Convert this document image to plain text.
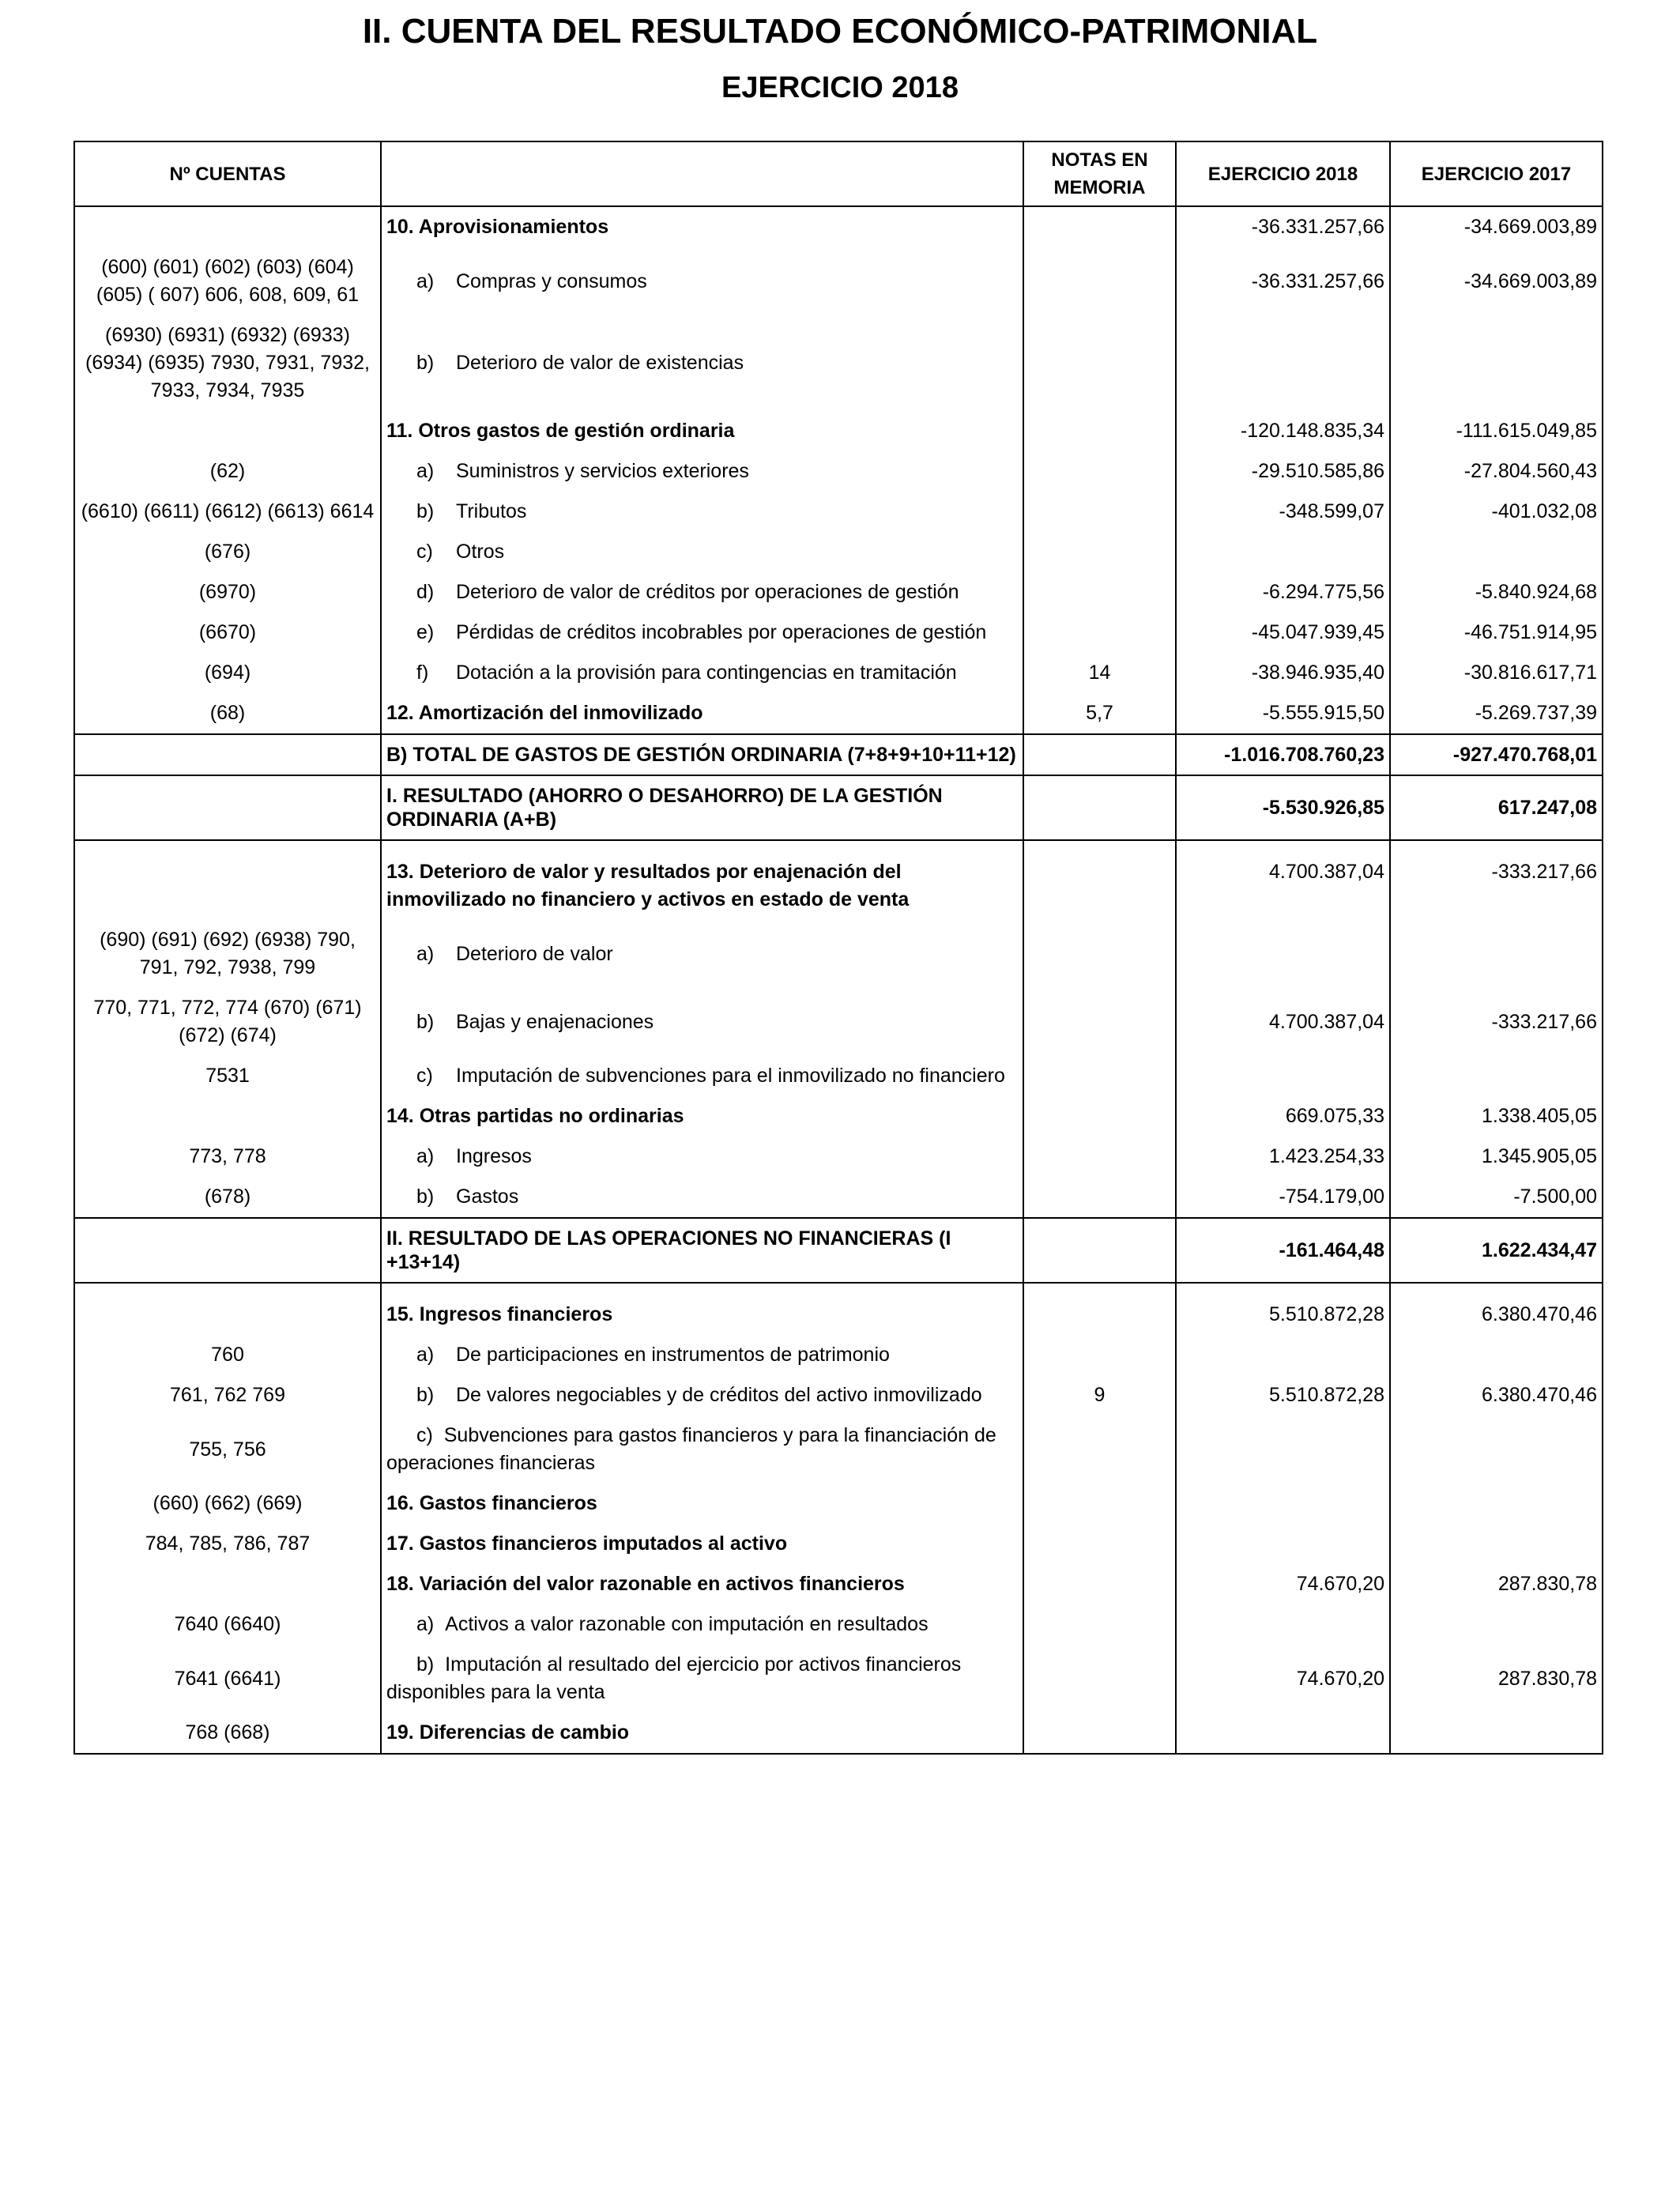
II. CUENTA DEL RESULTADO ECONÓMICO-PATRIMONIAL
EJERCICIO 2018
Nº CUENTAS		NOTAS EN MEMORIA	EJERCICIO 2018	EJERCICIO 2017
	10. Aprovisionamientos		-36.331.257,66	-34.669.003,89
(600) (601) (602) (603) (604) (605) ( 607) 606, 608, 609, 61	a) Compras y consumos		-36.331.257,66	-34.669.003,89
(6930) (6931) (6932) (6933) (6934) (6935) 7930, 7931, 7932, 7933, 7934, 7935	b) Deterioro de valor de existencias			
	11. Otros gastos de gestión ordinaria		-120.148.835,34	-111.615.049,85
(62)	a) Suministros y servicios exteriores		-29.510.585,86	-27.804.560,43
(6610) (6611) (6612) (6613) 6614	b) Tributos		-348.599,07	-401.032,08
(676)	c) Otros			
(6970)	d) Deterioro de valor de créditos por operaciones de gestión		-6.294.775,56	-5.840.924,68
(6670)	e) Pérdidas de créditos incobrables por operaciones de gestión		-45.047.939,45	-46.751.914,95
(694)	f) Dotación a la provisión para contingencias en tramitación	14	-38.946.935,40	-30.816.617,71
(68)	12. Amortización del inmovilizado	5,7	-5.555.915,50	-5.269.737,39
	B) TOTAL DE GASTOS DE GESTIÓN ORDINARIA (7+8+9+10+11+12)		-1.016.708.760,23	-927.470.768,01
	I. RESULTADO (AHORRO O DESAHORRO) DE LA GESTIÓN ORDINARIA (A+B)		-5.530.926,85	617.247,08
	13. Deterioro de valor y resultados por enajenación del inmovilizado no financiero y activos en estado de venta		4.700.387,04	-333.217,66
(690) (691) (692) (6938) 790, 791, 792, 7938, 799	a) Deterioro de valor			
770, 771, 772, 774 (670) (671) (672) (674)	b) Bajas y enajenaciones		4.700.387,04	-333.217,66
7531	c) Imputación de subvenciones para el inmovilizado no financiero			
	14. Otras partidas no ordinarias		669.075,33	1.338.405,05
773, 778	a) Ingresos		1.423.254,33	1.345.905,05
(678)	b) Gastos		-754.179,00	-7.500,00
	II. RESULTADO DE LAS OPERACIONES NO FINANCIERAS (I +13+14)		-161.464,48	1.622.434,47
	15. Ingresos financieros		5.510.872,28	6.380.470,46
760	a) De participaciones en instrumentos de patrimonio			
761, 762 769	b) De valores negociables y de créditos del activo inmovilizado	9	5.510.872,28	6.380.470,46
755, 756	c) Subvenciones para gastos financieros y para la financiación de operaciones financieras			
(660) (662) (669)	16. Gastos financieros			
784, 785, 786, 787	17. Gastos financieros imputados al activo			
	18. Variación del valor razonable en activos financieros		74.670,20	287.830,78
7640 (6640)	a) Activos a valor razonable con imputación en resultados			
7641 (6641)	b) Imputación al resultado del ejercicio por activos financieros disponibles para la venta		74.670,20	287.830,78
768 (668)	19. Diferencias de cambio			
